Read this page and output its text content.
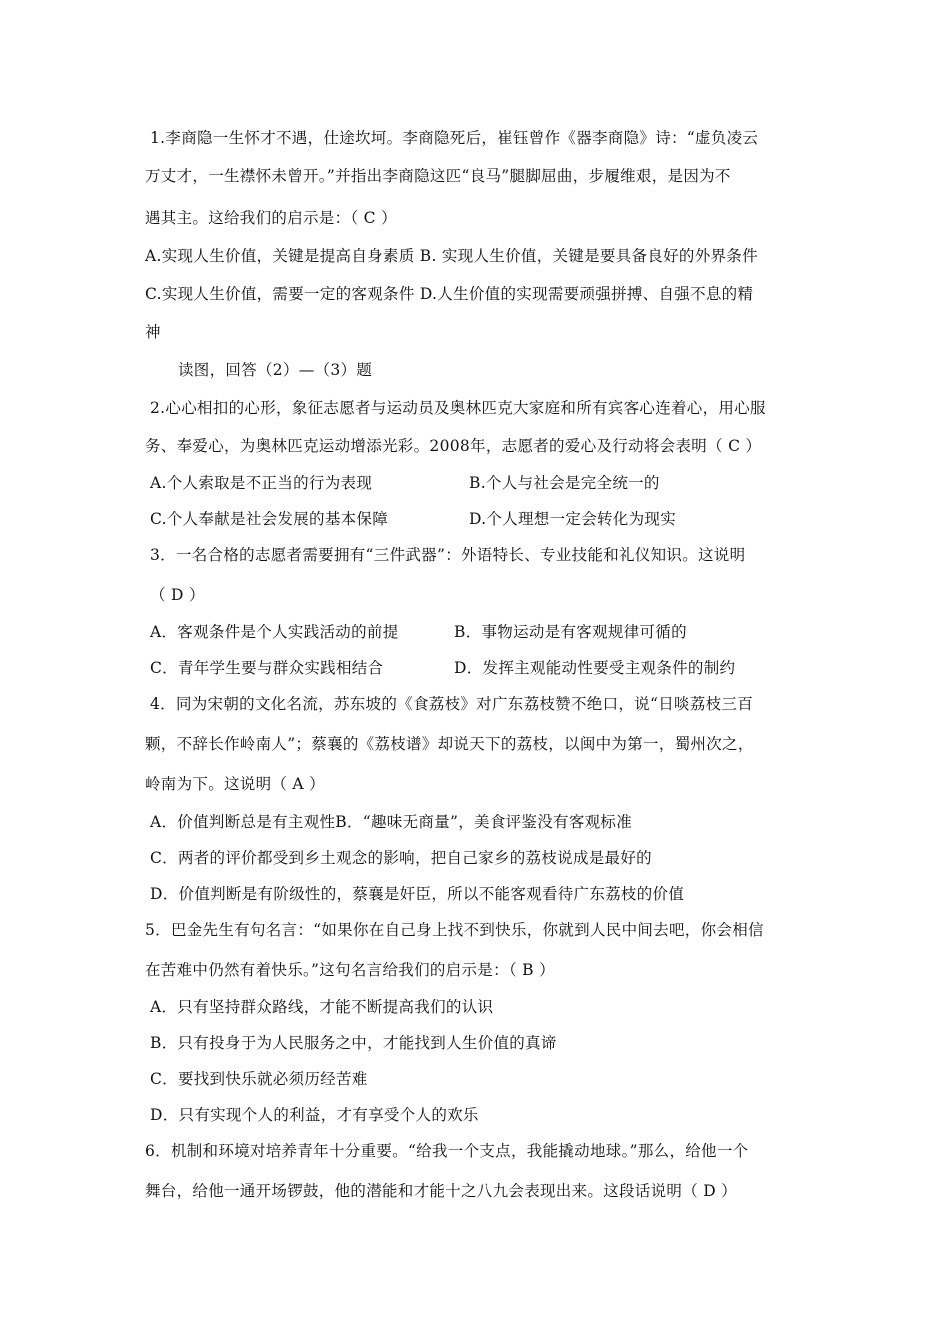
1.李商隐一生怀才不遇，仕途坎坷。李商隐死后，崔钰曾作《器李商隐》诗：“虚负凌云
万丈才，一生襟怀未曾开。”并指出李商隐这匹“良马”腿脚屈曲，步履维艰，是因为不
遇其主。这给我们的启示是：（ C ）
A.实现人生价值，关键是提高自身素质 B. 实现人生价值，关键是要具备良好的外界条件
C.实现人生价值，需要一定的客观条件 D.人生价值的实现需要顽强拼搏、自强不息的精
神
读图，回答（2）—（3）题
2.心心相扣的心形，象征志愿者与运动员及奥林匹克大家庭和所有宾客心连着心，用心服
务、奉爱心，为奥林匹克运动增添光彩。2008年，志愿者的爱心及行动将会表明（ C ）
A.个人索取是不正当的行为表现	B.个人与社会是完全统一的
C.个人奉献是社会发展的基本保障	D.个人理想一定会转化为现实
3．一名合格的志愿者需要拥有“三件武器”：外语特长、专业技能和礼仪知识。这说明
（ D ）
A．客观条件是个人实践活动的前提	B．事物运动是有客观规律可循的
C．青年学生要与群众实践相结合	D．发挥主观能动性要受主观条件的制约
4．同为宋朝的文化名流，苏东坡的《食荔枝》对广东荔枝赞不绝口，说“日啖荔枝三百
颗，不辞长作岭南人”；蔡襄的《荔枝谱》却说天下的荔枝，以闽中为第一，蜀州次之，
岭南为下。这说明（ A ）
A．价值判断总是有主观性B．“趣味无商量”，美食评鉴没有客观标准
C．两者的评价都受到乡土观念的影响，把自己家乡的荔枝说成是最好的
D．价值判断是有阶级性的，蔡襄是奸臣，所以不能客观看待广东荔枝的价值
5．巴金先生有句名言：“如果你在自己身上找不到快乐，你就到人民中间去吧，你会相信
在苦难中仍然有着快乐。”这句名言给我们的启示是：（ B ）
A．只有坚持群众路线，才能不断提高我们的认识
B．只有投身于为人民服务之中，才能找到人生价值的真谛
C．要找到快乐就必须历经苦难
D．只有实现个人的利益，才有享受个人的欢乐
6．机制和环境对培养青年十分重要。“给我一个支点，我能撬动地球。”那么，给他一个
舞台，给他一通开场锣鼓，他的潜能和才能十之八九会表现出来。这段话说明（ D ）
